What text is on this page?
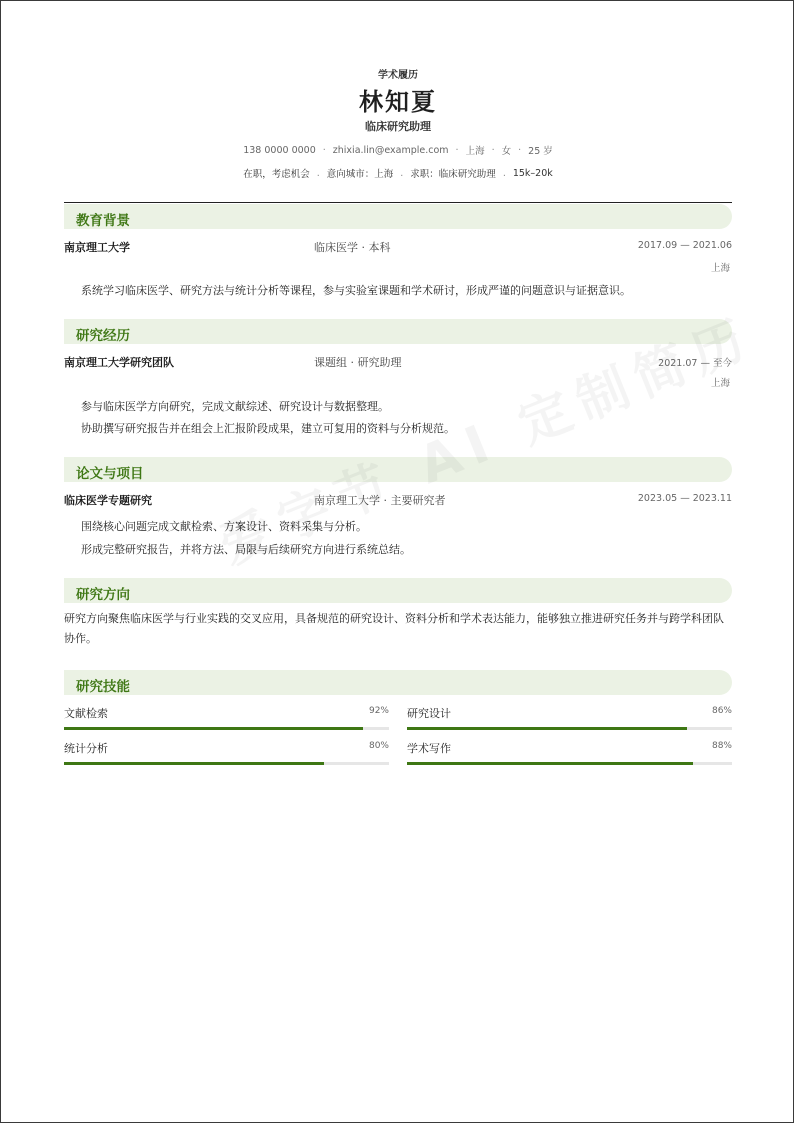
学术履历
林知夏
临床研究助理
138 0000 0000 · zhixia.lin@example.com · 上海 · 女 · 25 岁
在职，考虑机会 . 意向城市：上海 . 求职：临床研究助理 . 15k–20k
教育背景
南京理工大学	临床医学 · 本科	2017.09 — 2021.06
上海
系统学习临床医学、研究方法与统计分析等课程，参与实验室课题和学术研讨，形成严谨的问题意识与证据意识。
研究经历
南京理工大学研究团队	课题组 · 研究助理	2021.07 — 至今
上海
参与临床医学方向研究，完成文献综述、研究设计与数据整理。
协助撰写研究报告并在组会上汇报阶段成果，建立可复用的资料与分析规范。
论文与项目
临床医学专题研究	南京理工大学 · 主要研究者	2023.05 — 2023.11
围绕核心问题完成文献检索、方案设计、资料采集与分析。
形成完整研究报告，并将方法、局限与后续研究方向进行系统总结。
研究方向
研究方向聚焦临床医学与行业实践的交叉应用，具备规范的研究设计、资料分析和学术表达能力，能够独立推进研究任务并与跨学科团队协作。
研究技能
文献检索	92% 研究设计	86%
统计分析	80% 学术写作	88%
